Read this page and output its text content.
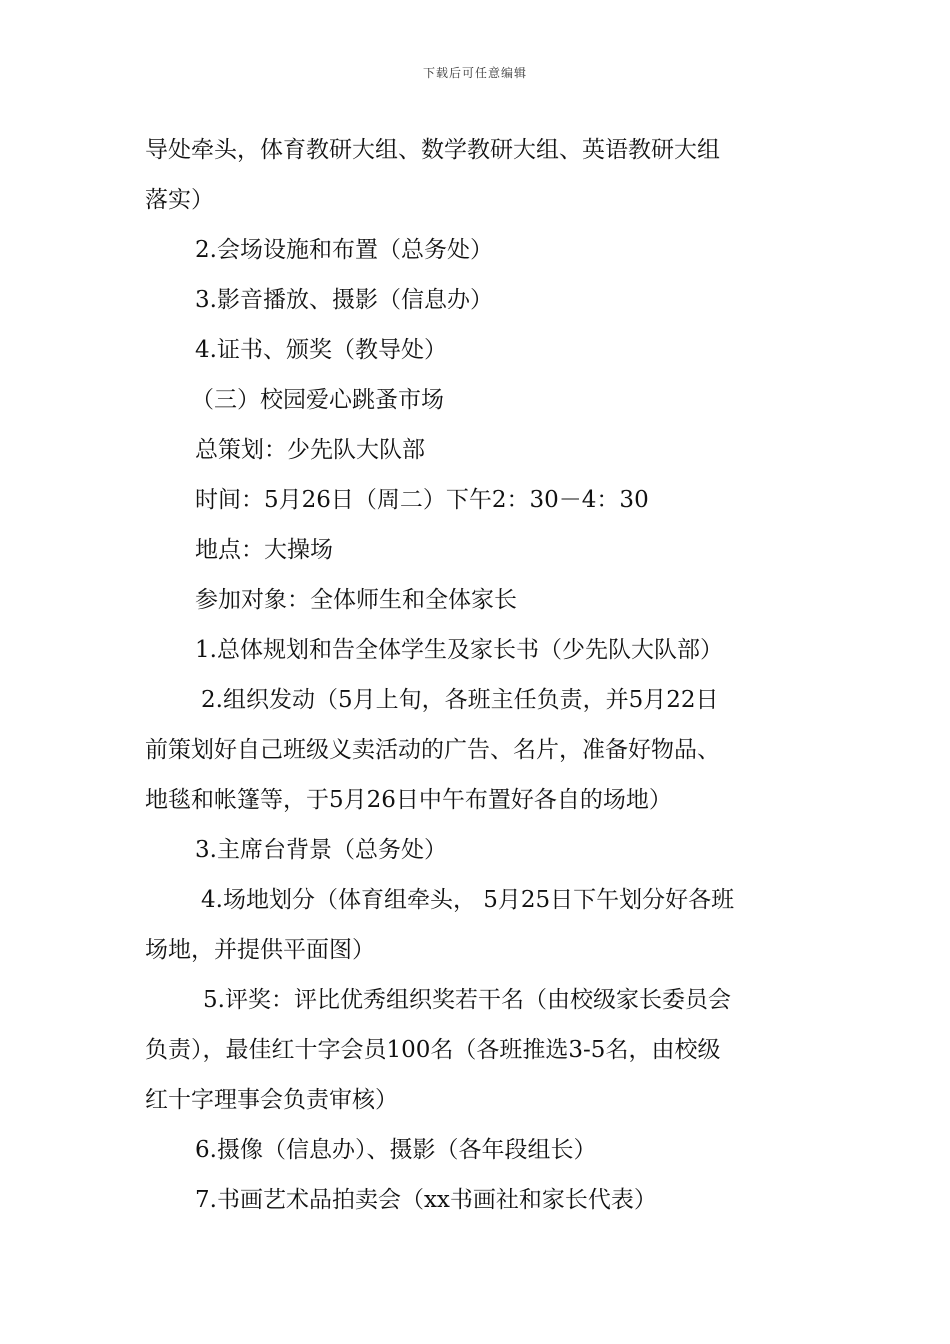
下载后可任意编辑
导处牵头，体育教研大组、数学教研大组、英语教研大组
落实）
2.会场设施和布置（总务处）
3.影音播放、摄影（信息办）
4.证书、颁奖（教导处）
（三）校园爱心跳蚤市场
总策划：少先队大队部
时间：5月26日（周二）下午2：30－4：30
地点：大操场
参加对象：全体师生和全体家长
1.总体规划和告全体学生及家长书（少先队大队部）
2.组织发动（5月上旬，各班主任负责，并5月22日
前策划好自己班级义卖活动的广告、名片，准备好物品、
地毯和帐篷等，于5月26日中午布置好各自的场地）
3.主席台背景（总务处）
4.场地划分（体育组牵头， 5月25日下午划分好各班
场地，并提供平面图）
5.评奖：评比优秀组织奖若干名（由校级家长委员会
负责），最佳红十字会员100名（各班推选3-5名，由校级
红十字理事会负责审核）
6.摄像（信息办）、摄影（各年段组长）
7.书画艺术品拍卖会（xx书画社和家长代表）
